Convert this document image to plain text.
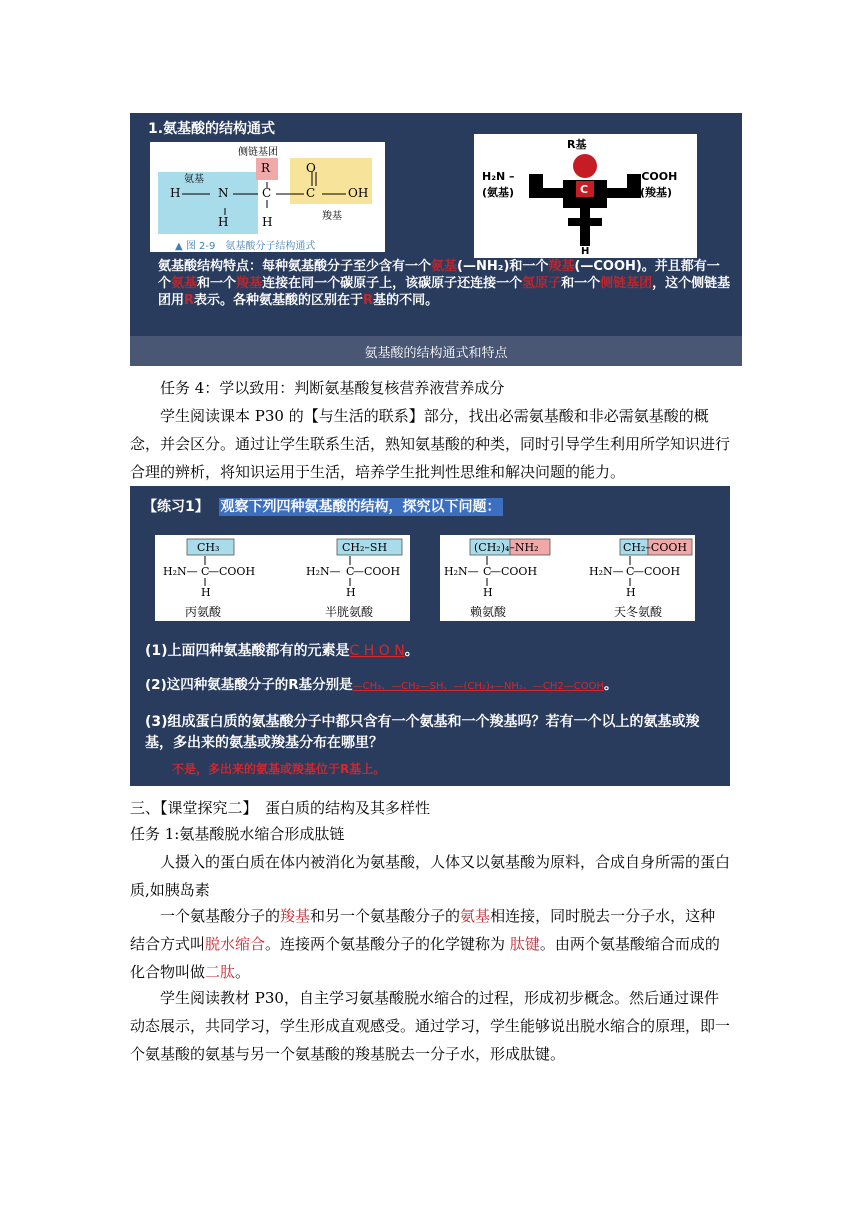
1.氨基酸的结构通式
侧链基团
氨基
羧基
R	O
H	N	C	C	OH
H	H
▲ 图 2-9　氨基酸分子结构通式
R基
H₂N –
(氨基)
– COOH
(羧基)
C
H
氨基酸结构特点：每种氨基酸分子至少含有一个氨基(—NH₂)和一个羧基(—COOH)。并且都有一个氨基和一个羧基连接在同一个碳原子上，该碳原子还连接一个氢原子和一个侧链基团，这个侧链基团用R表示。各种氨基酸的区别在于R基的不同。
氨基酸的结构通式和特点
任务 4：学以致用：判断氨基酸复核营养液营养成分
学生阅读课本 P30 的【与生活的联系】部分，找出必需氨基酸和非必需氨基酸的概念，并会区分。通过让学生联系生活，熟知氨基酸的种类，同时引导学生利用所学知识进行合理的辨析，将知识运用于生活，培养学生批判性思维和解决问题的能力。
【练习1】 观察下列四种氨基酸的结构，探究以下问题：
CH₃
H₂N— C
—COOH
H
丙氨酸
CH₂–SH
H₂N— C
—COOH
H
半胱氨酸
(CH₂)₄–NH₂
H₂N— C
—COOH
H
赖氨酸
CH₂–COOH
H₂N— C
—COOH
H
天冬氨酸
(1)上面四种氨基酸都有的元素是C H O N。
(2)这四种氨基酸分子的R基分别是—CH₃、—CH₂—SH、—(CH₂)₄—NH₂、—CH2—COOH。
(3)组成蛋白质的氨基酸分子中都只含有一个氨基和一个羧基吗？若有一个以上的氨基或羧基，多出来的氨基或羧基分布在哪里？
不是，多出来的氨基或羧基位于R基上。
三、【课堂探究二】　蛋白质的结构及其多样性
任务 1:氨基酸脱水缩合形成肽链
人摄入的蛋白质在体内被消化为氨基酸，人体又以氨基酸为原料，合成自身所需的蛋白质,如胰岛素
一个氨基酸分子的羧基和另一个氨基酸分子的氨基相连接，同时脱去一分子水，这种结合方式叫脱水缩合。连接两个氨基酸分子的化学键称为 肽键。由两个氨基酸缩合而成的化合物叫做二肽。
学生阅读教材 P30，自主学习氨基酸脱水缩合的过程，形成初步概念。然后通过课件动态展示，共同学习，学生形成直观感受。通过学习，学生能够说出脱水缩合的原理，即一个氨基酸的氨基与另一个氨基酸的羧基脱去一分子水，形成肽键。
